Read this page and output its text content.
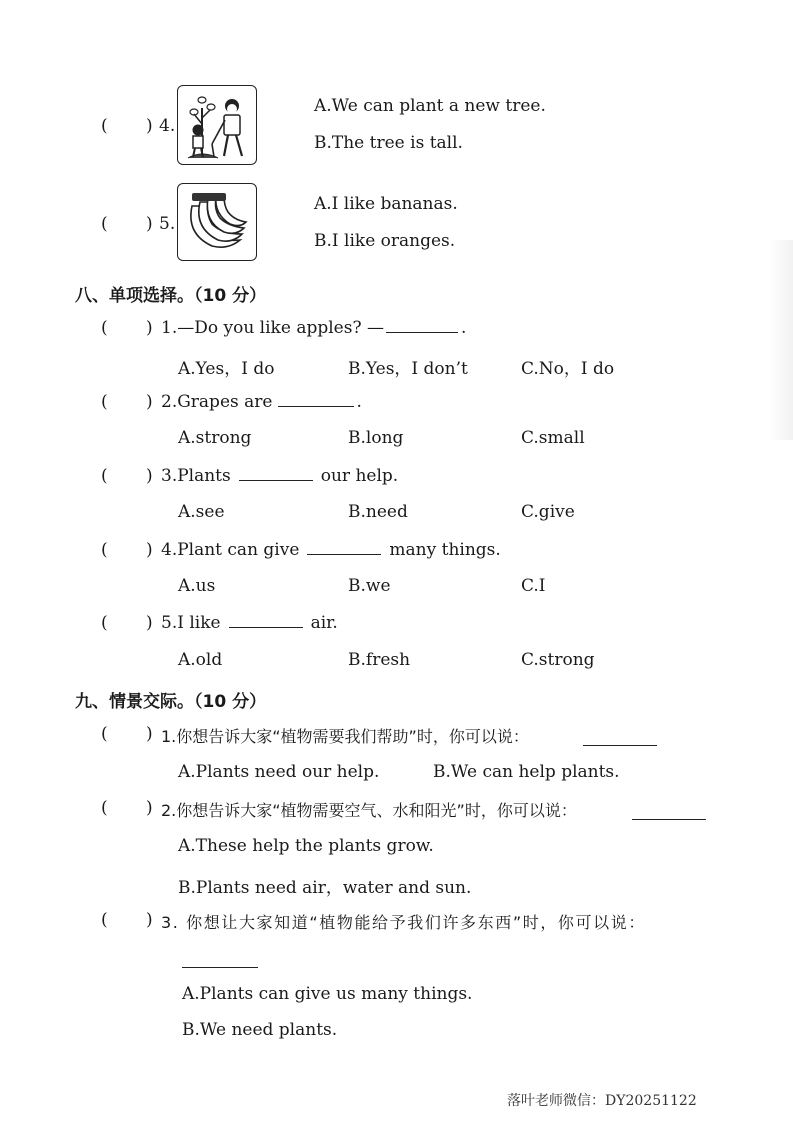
( ) 4.
A.We can plant a new tree.
B.The tree is tall.
( ) 5.
A.I like bananas.
B.I like oranges.
八、单项选择。（10 分）
( ) 1.—Do you like apples? —	.
A.Yes，I do	B.Yes，I don’t	C.No，I do
( ) 2.Grapes are	.
A.strong	B.long	C.small
( ) 3.Plants	our help.
A.see	B.need	C.give
( ) 4.Plant can give	many things.
A.us	B.we	C.I
( ) 5.I like	air.
A.old	B.fresh	C.strong
九、情景交际。（10 分）
( ) 1.你想告诉大家“植物需要我们帮助”时，你可以说：
A.Plants need our help.	B.We can help plants.
( ) 2.你想告诉大家“植物需要空气、水和阳光”时，你可以说：
A.These help the plants grow.
B.Plants need air，water and sun.
( ) 3. 你想让大家知道“植物能给予我们许多东西”时，你可以说：
A.Plants can give us many things.
B.We need plants.
落叶老师微信：DY20251122
